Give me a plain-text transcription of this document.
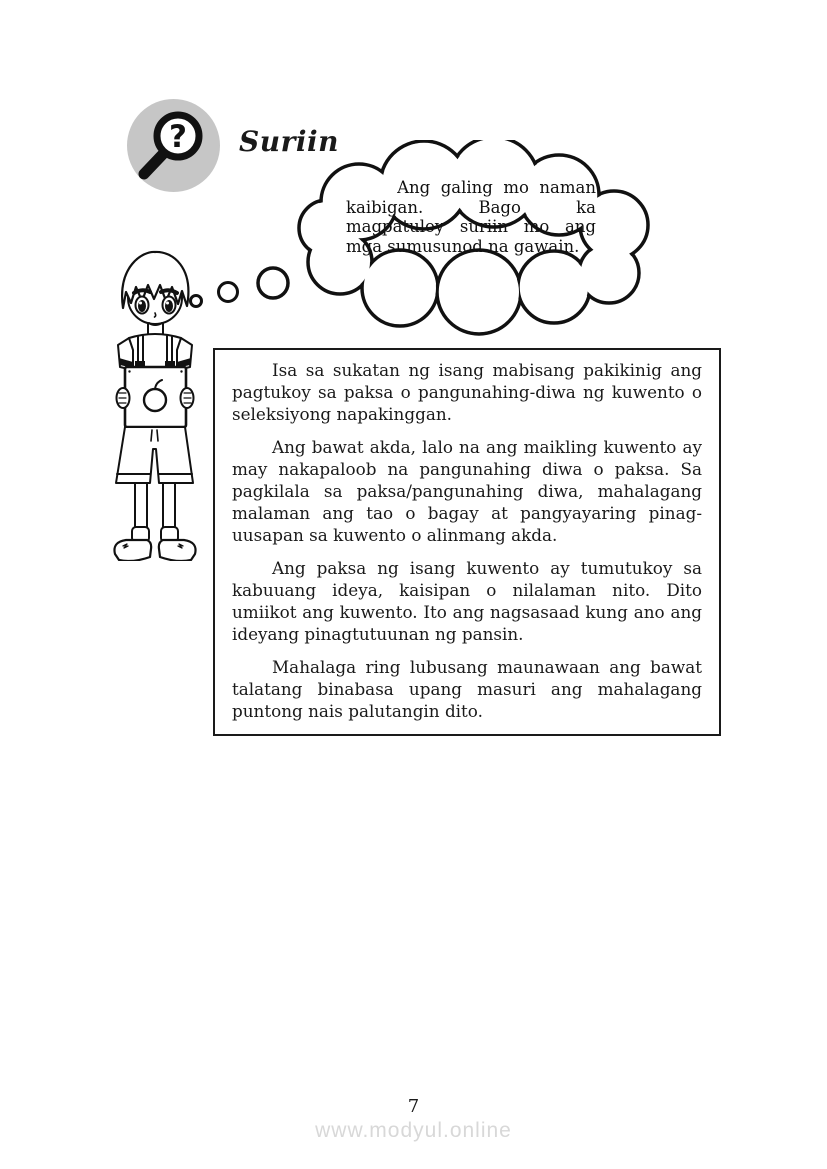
? Suriin
Ang galing mo naman kaibigan. Bago ka magpatuloy suriin mo ang mga sumusunod na gawain.

Isa sa sukatan ng isang mabisang pakikinig ang pagtukoy sa paksa o pangunahing-diwa ng kuwento o seleksiyong napakinggan.

Ang bawat akda, lalo na ang maikling kuwento ay may nakapaloob na pangunahing diwa o paksa. Sa pagkilala sa paksa/pangunahing diwa, mahalagang malaman ang tao o bagay at pangyayaring pinag-uusapan sa kuwento o alinmang akda.

Ang paksa ng isang kuwento ay tumutukoy sa kabuuang ideya, kaisipan o nilalaman nito. Dito umiikot ang kuwento. Ito ang nagsasaad kung ano ang ideyang pinagtutuunan ng pansin.

Mahalaga ring lubusang maunawaan ang bawat talatang binabasa upang masuri ang mahalagang puntong nais palutangin dito.

7
www.modyul.online
